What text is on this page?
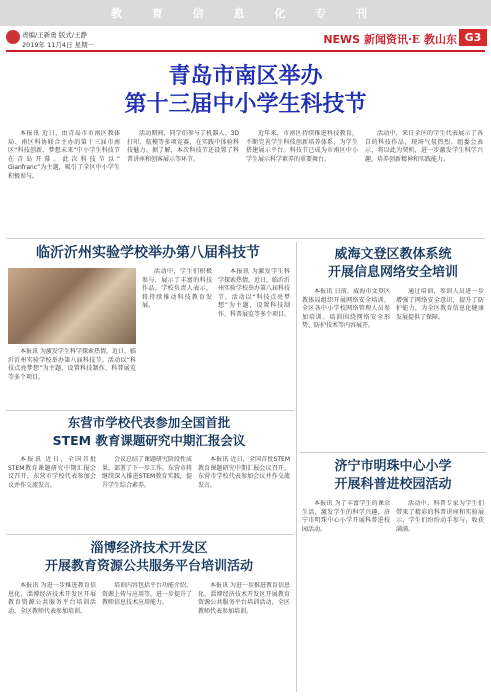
教 育 信 息 化 专 刊
责编/王新勇 版式/王静
2019年 11月4日 星期一	NEWS 新闻资讯·E 教山东 G3
青岛市南区举办
第十三届中小学生科技节

本报讯 近日，由青岛市市南区教体局、南区科协联合主办的第十三届市南区“科技创新、梦想未来”中小学生科技节在青岛开幕。此次科技节以“ Gianfranc”为主题，吸引了全区中小学生积极参与。

活动期间，同学们参与了机器人、3D打印、航模等多项竞赛，在实践中体验科技魅力。据了解，本次科技节还设置了科普讲座和创客展示等环节。

近年来，市南区持续推进科技教育，不断完善学生科技创新培养体系，为学生搭建展示平台。科技节已成为市南区中小学生展示科学素养的重要舞台。

活动中，来自全区的学生代表展示了各自的科技作品，现场气氛热烈。组委会表示，将以此为契机，进一步激发学生科学兴趣，培养创新精神和实践能力。

临沂沂州实验学校举办第八届科技节

本报讯 为激发学生科学探索热情，近日，临沂沂州实验学校举办第八届科技节。活动以“科技点亮梦想”为主题，设置科技制作、科普展览等多个项目。

活动中，学生们积极参与，展示了丰富的科技作品。学校负责人表示，将持续推动科技教育发展。

本报讯 为激发学生科学探索热情，近日，临沂沂州实验学校举办第八届科技节。活动以“科技点亮梦想”为主题，设置科技制作、科普展览等多个项目。

威海文登区教体系统
开展信息网络安全培训

本报讯 日前，威海市文登区教体局组织开展网络安全培训，全区各中小学校网络管理人员参加培训。培训围绕网络安全形势、防护技术等内容展开。

通过培训，参训人员进一步增强了网络安全意识，提升了防护能力，为全区教育信息化健康发展提供了保障。

东营市学校代表参加全国首批
STEM 教育课题研究中期汇报会议

本报讯 近日，全国首批STEM教育课题研究中期汇报会议召开，东营市学校代表参加会议并作交流发言。

会议总结了课题研究阶段性成果，部署了下一步工作。东营市将继续深入推进STEM教育实践，提升学生综合素养。

本报讯 近日，全国首批STEM教育课题研究中期汇报会议召开，东营市学校代表参加会议并作交流发言。

济宁市明珠中心小学
开展科普进校园活动

本报讯 为了丰富学生的课余生活，激发学生的科学兴趣，济宁市明珠中心小学开展科普进校园活动。

活动中，科普专家为学生们带来了精彩的科普讲座和实验展示，学生们纷纷动手参与，收获满满。

淄博经济技术开发区
开展教育资源公共服务平台培训活动

本报讯 为进一步推进教育信息化，淄博经济技术开发区开展教育资源公共服务平台培训活动，全区教师代表参加培训。

培训内容包括平台功能介绍、资源上传与应用等，进一步提升了教师信息技术应用能力。

本报讯 为进一步推进教育信息化，淄博经济技术开发区开展教育资源公共服务平台培训活动，全区教师代表参加培训。
